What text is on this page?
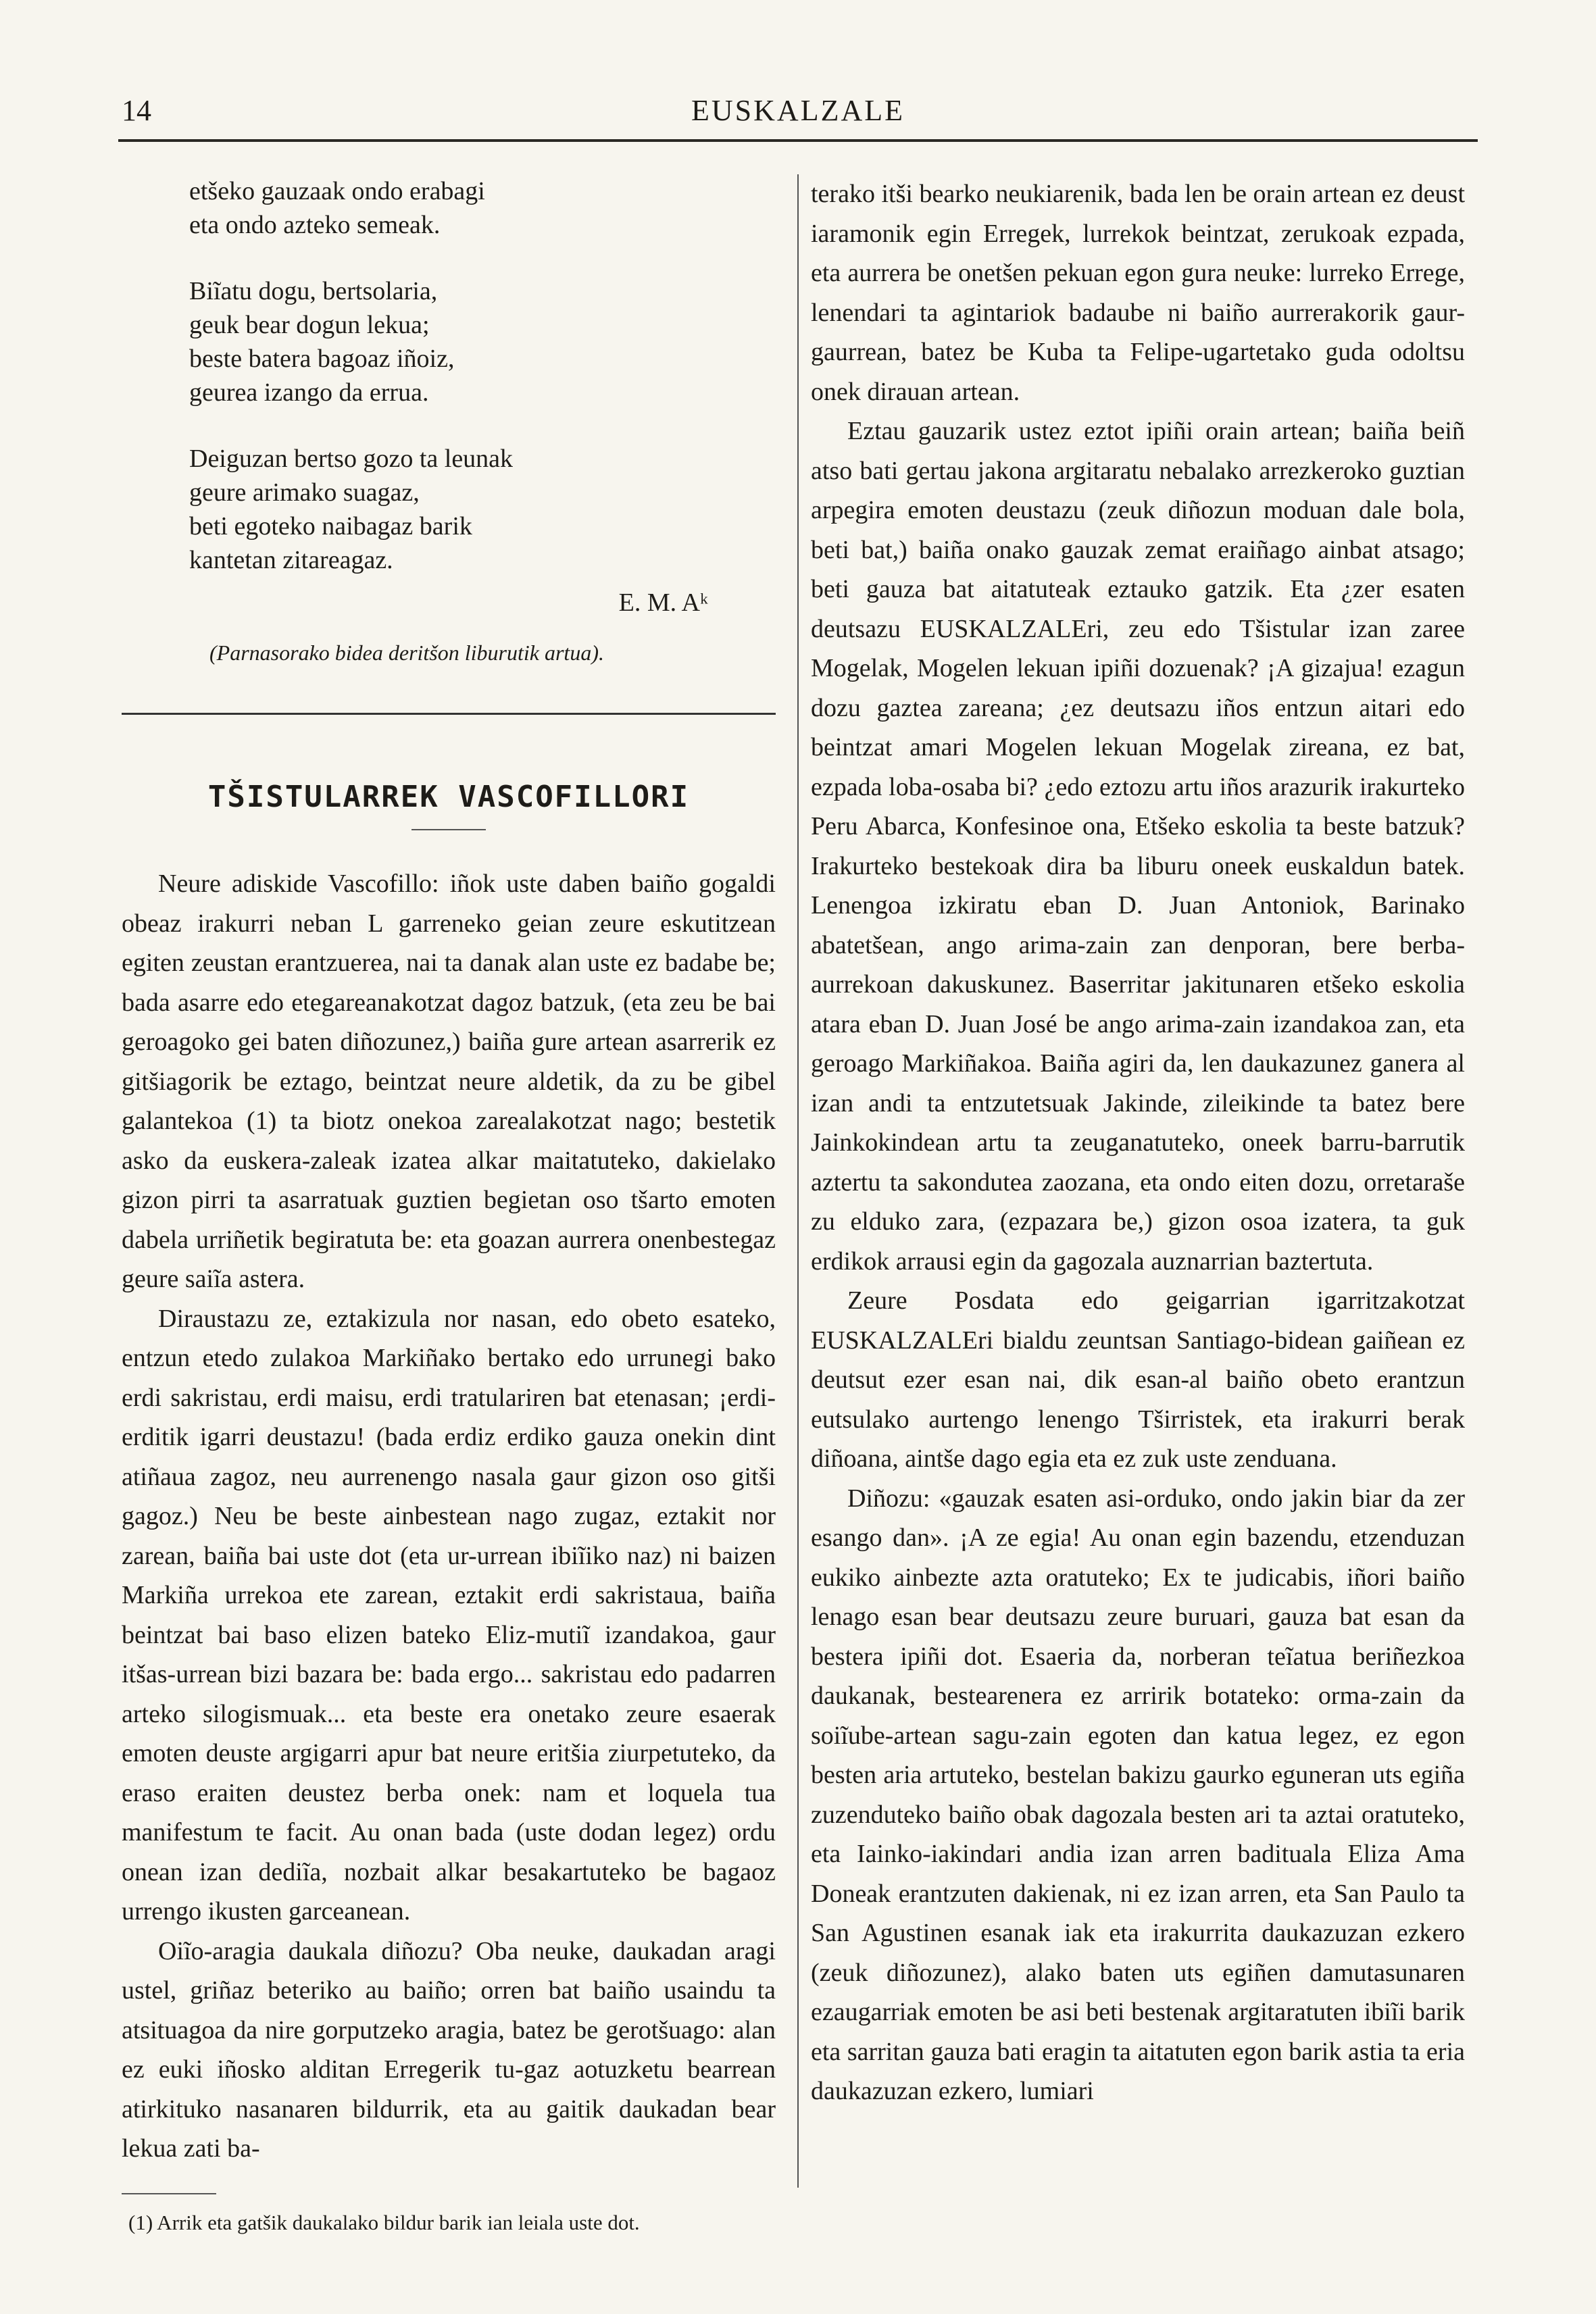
14	EUSKALZALE
etšeko gauzaak ondo erabagi
eta ondo azteko semeak.
Biĩatu dogu, bertsolaria,
geuk bear dogun lekua;
beste batera bagoaz iñoiz,
geurea izango da errua.
Deiguzan bertso gozo ta leunak
geure arimako suagaz,
beti egoteko naibagaz barik
kantetan zitareagaz.
E. M. Aᵏ
(Parnasorako bidea deritšon liburutik artua).
TŠISTULARREK VASCOFILLORI

Neure adiskide Vascofillo: iñok uste daben baiño gogaldi obeaz irakurri neban L garreneko geian zeure eskutitzean egiten zeustan erantzuerea, nai ta danak alan uste ez badabe be; bada asarre edo etegareanakotzat dagoz batzuk, (eta zeu be bai geroagoko gei baten diñozunez,) baiña gure artean asarrerik ez gitšiagorik be eztago, beintzat neure aldetik, da zu be gibel galantekoa (1) ta biotz onekoa zarealakotzat nago; bestetik asko da euskera-zaleak izatea alkar maitatuteko, dakielako gizon pirri ta asarratuak guztien begietan oso tšarto emoten dabela urriñetik begiratuta be: eta goazan aurrera onenbestegaz geure saiĩa astera.

Diraustazu ze, eztakizula nor nasan, edo obeto esateko, entzun etedo zulakoa Markiñako bertako edo urrunegi bako erdi sakristau, erdi maisu, erdi tratulariren bat etenasan; ¡erdi-erditik igarri deustazu! (bada erdiz erdiko gauza onekin dint atiñaua zagoz, neu aurrenengo nasala gaur gizon oso gitši gagoz.) Neu be beste ainbestean nago zugaz, eztakit nor zarean, baiña bai uste dot (eta ur-urrean ibiĩiko naz) ni baizen Markiña urrekoa ete zarean, eztakit erdi sakristaua, baiña beintzat bai baso elizen bateko Eliz-mutiĩ izandakoa, gaur itšas-urrean bizi bazara be: bada ergo... sakristau edo padarren arteko silogismuak... eta beste era onetako zeure esaerak emoten deuste argigarri apur bat neure eritšia ziurpetuteko, da eraso eraiten deustez berba onek: nam et loquela tua manifestum te facit. Au onan bada (uste dodan legez) ordu onean izan dediĩa, nozbait alkar besakartuteko be bagaoz urrengo ikusten garceanean.

Oiĩo-aragia daukala diñozu? Oba neuke, daukadan aragi ustel, griñaz beteriko au baiño; orren bat baiño usaindu ta atsituagoa da nire gorputzeko aragia, batez be gerotšuago: alan ez euki iñosko alditan Erregerik tu-gaz aotuzketu bearrean atirkituko nasanaren bildurrik, eta au gaitik daukadan bear lekua zati ba-

(1) Arrik eta gatšik daukalako bildur barik ian leiala uste dot.

terako itši bearko neukiarenik, bada len be orain artean ez deust iaramonik egin Erregek, lurrekok beintzat, zerukoak ezpada, eta aurrera be onetšen pekuan egon gura neuke: lurreko Errege, lenendari ta agintariok badaube ni baiño aurrerakorik gaur-gaurrean, batez be Kuba ta Felipe-ugartetako guda odoltsu onek dirauan artean.

Eztau gauzarik ustez eztot ipiñi orain artean; baiña beiñ atso bati gertau jakona argitaratu nebalako arrezkeroko guztian arpegira emoten deustazu (zeuk diñozun moduan dale bola, beti bat,) baiña onako gauzak zemat eraiñago ainbat atsago; beti gauza bat aitatuteak eztauko gatzik. Eta ¿zer esaten deutsazu EUSKALZALEri, zeu edo Tšistular izan zaree Mogelak, Mogelen lekuan ipiñi dozuenak? ¡A gizajua! ezagun dozu gaztea zareana; ¿ez deutsazu iños entzun aitari edo beintzat amari Mogelen lekuan Mogelak zireana, ez bat, ezpada loba-osaba bi? ¿edo eztozu artu iños arazurik irakurteko Peru Abarca, Konfesinoe ona, Etšeko eskolia ta beste batzuk? Irakurteko bestekoak dira ba liburu oneek euskaldun batek. Lenengoa izkiratu eban D. Juan Antoniok, Barinako abatetšean, ango arima-zain zan denporan, bere berba-aurrekoan dakuskunez. Baserritar jakitunaren etšeko eskolia atara eban D. Juan José be ango arima-zain izandakoa zan, eta geroago Markiñakoa. Baiña agiri da, len daukazunez ganera al izan andi ta entzutetsuak Jakinde, zileikinde ta batez bere Jainkokindean artu ta zeuganatuteko, oneek barru-barrutik aztertu ta sakondutea zaozana, eta ondo eiten dozu, orretaraše zu elduko zara, (ezpazara be,) gizon osoa izatera, ta guk erdikok arrausi egin da gagozala auznarrian baztertuta.

Zeure Posdata edo geigarrian igarritzakotzat EUSKALZALEri bialdu zeuntsan Santiago-bidean gaiñean ez deutsut ezer esan nai, dik esan-al baiño obeto erantzun eutsulako aurtengo lenengo Tširristek, eta irakurri berak diñoana, aintše dago egia eta ez zuk uste zenduana.

Diñozu: «gauzak esaten asi-orduko, ondo jakin biar da zer esango dan». ¡A ze egia! Au onan egin bazendu, etzenduzan eukiko ainbezte azta oratuteko; Ex te judicabis, iñori baiño lenago esan bear deutsazu zeure buruari, gauza bat esan da bestera ipiñi dot. Esaeria da, norberan teĩatua beriñezkoa daukanak, bestearenera ez arririk botateko: orma-zain da soiĩube-artean sagu-zain egoten dan katua legez, ez egon besten aria artuteko, bestelan bakizu gaurko eguneran uts egiña zuzenduteko baiño obak dagozala besten ari ta aztai oratuteko, eta Iainko-iakindari andia izan arren badituala Eliza Ama Doneak erantzuten dakienak, ni ez izan arren, eta San Paulo ta San Agustinen esanak iak eta irakurrita daukazuzan ezkero (zeuk diñozunez), alako baten uts egiñen damutasunaren ezaugarriak emoten be asi beti bestenak argitaratuten ibiĩi barik eta sarritan gauza bati eragin ta aitatuten egon barik astia ta eria daukazuzan ezkero, lumiari
